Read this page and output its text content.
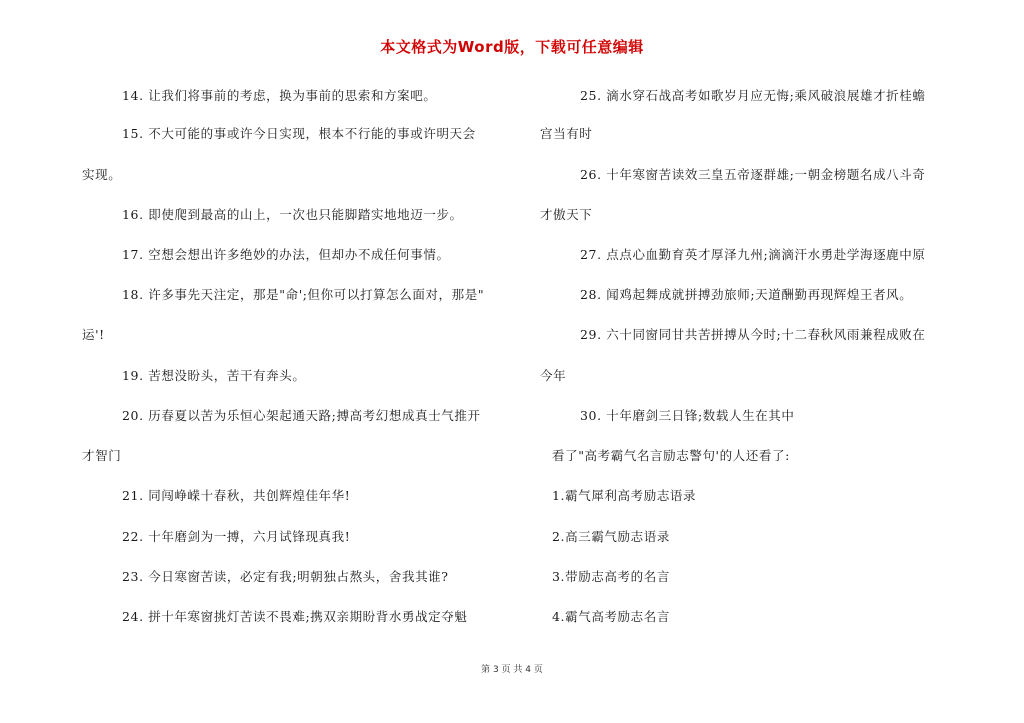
本文格式为Word版，下载可任意编辑
14. 让我们将事前的考虑，换为事前的思索和方案吧。
15. 不大可能的事或许今日实现，根本不行能的事或许明天会
实现。
16. 即使爬到最高的山上，一次也只能脚踏实地地迈一步。
17. 空想会想出许多绝妙的办法，但却办不成任何事情。
18. 许多事先天注定，那是"命';但你可以打算怎么面对，那是"
运'!
19. 苦想没盼头，苦干有奔头。
20. 历春夏以苦为乐恒心架起通天路;搏高考幻想成真士气推开
才智门
21. 同闯峥嵘十春秋，共创辉煌佳年华!
22. 十年磨剑为一搏，六月试锋现真我!
23. 今日寒窗苦读，必定有我;明朝独占熬头，舍我其谁?
24. 拼十年寒窗挑灯苦读不畏难;携双亲期盼背水勇战定夺魁
25. 滴水穿石战高考如歌岁月应无悔;乘风破浪展雄才折桂蟾
宫当有时
26. 十年寒窗苦读效三皇五帝逐群雄;一朝金榜题名成八斗奇
才傲天下
27. 点点心血勤育英才厚泽九州;滴滴汗水勇赴学海逐鹿中原
28. 闻鸡起舞成就拼搏劲旅师;天道酬勤再现辉煌王者风。
29. 六十同窗同甘共苦拼搏从今时;十二春秋风雨兼程成败在
今年
30. 十年磨剑三日锋;数载人生在其中
看了"高考霸气名言励志警句'的人还看了:
1.霸气犀利高考励志语录
2.高三霸气励志语录
3.带励志高考的名言
4.霸气高考励志名言
第 3 页 共 4 页
